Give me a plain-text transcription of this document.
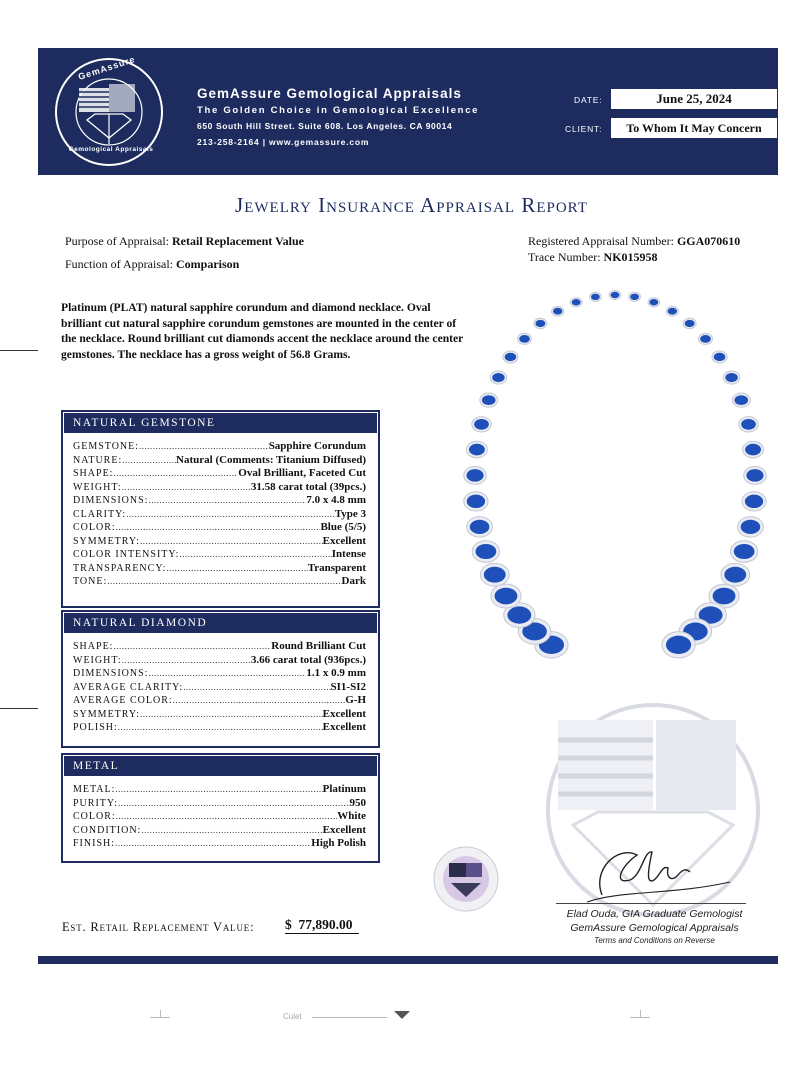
GemAssure
Gemological Appraisals
GemAssure Gemological Appraisals
The Golden Choice in Gemological Excellence
650 South Hill Street. Suite 608. Los Angeles. CA 90014
213-258-2164 | www.gemassure.com
DATE:	June 25, 2024
CLIENT:	To Whom It May Concern
Jewelry Insurance Appraisal Report
Purpose of Appraisal: Retail Replacement Value
Function of Appraisal: Comparison
Registered Appraisal Number: GGA070610
Trace Number: NK015958
Platinum (PLAT) natural sapphire corundum and diamond necklace. Oval brilliant cut natural sapphire corundum gemstones are mounted in the center of the necklace. Round brilliant cut diamonds accent the necklace around the center gemstones. The necklace has a gross weight of 56.8 Grams.
NATURAL GEMSTONE
GEMSTONE: .....	Sapphire Corundum
NATURE: .....	Natural (Comments: Titanium Diffused)
SHAPE: .....	Oval Brilliant, Faceted Cut
WEIGHT: .....	31.58 carat total (39pcs.)
DIMENSIONS: .....	7.0 x 4.8 mm
CLARITY: .....	Type 3
COLOR: .....	Blue (5/5)
SYMMETRY: .....	Excellent
COLOR INTENSITY: .....	Intense
TRANSPARENCY: .....	Transparent
TONE: .....	Dark
NATURAL DIAMOND
SHAPE: .....	Round Brilliant Cut
WEIGHT: .....	3.66 carat total (936pcs.)
DIMENSIONS: .....	1.1 x 0.9 mm
AVERAGE CLARITY: .....	SI1-SI2
AVERAGE COLOR: .....	G-H
SYMMETRY: .....	Excellent
POLISH: .....	Excellent
METAL
METAL: .....	Platinum
PURITY: .....	950
COLOR: .....	White
CONDITION: .....	Excellent
FINISH: .....	High Polish
Elad Ouda, GIA Graduate Gemologist
GemAssure Gemological Appraisals
Terms and Conditions on Reverse
Est. Retail Replacement Value: $ 77,890.00
Culet
